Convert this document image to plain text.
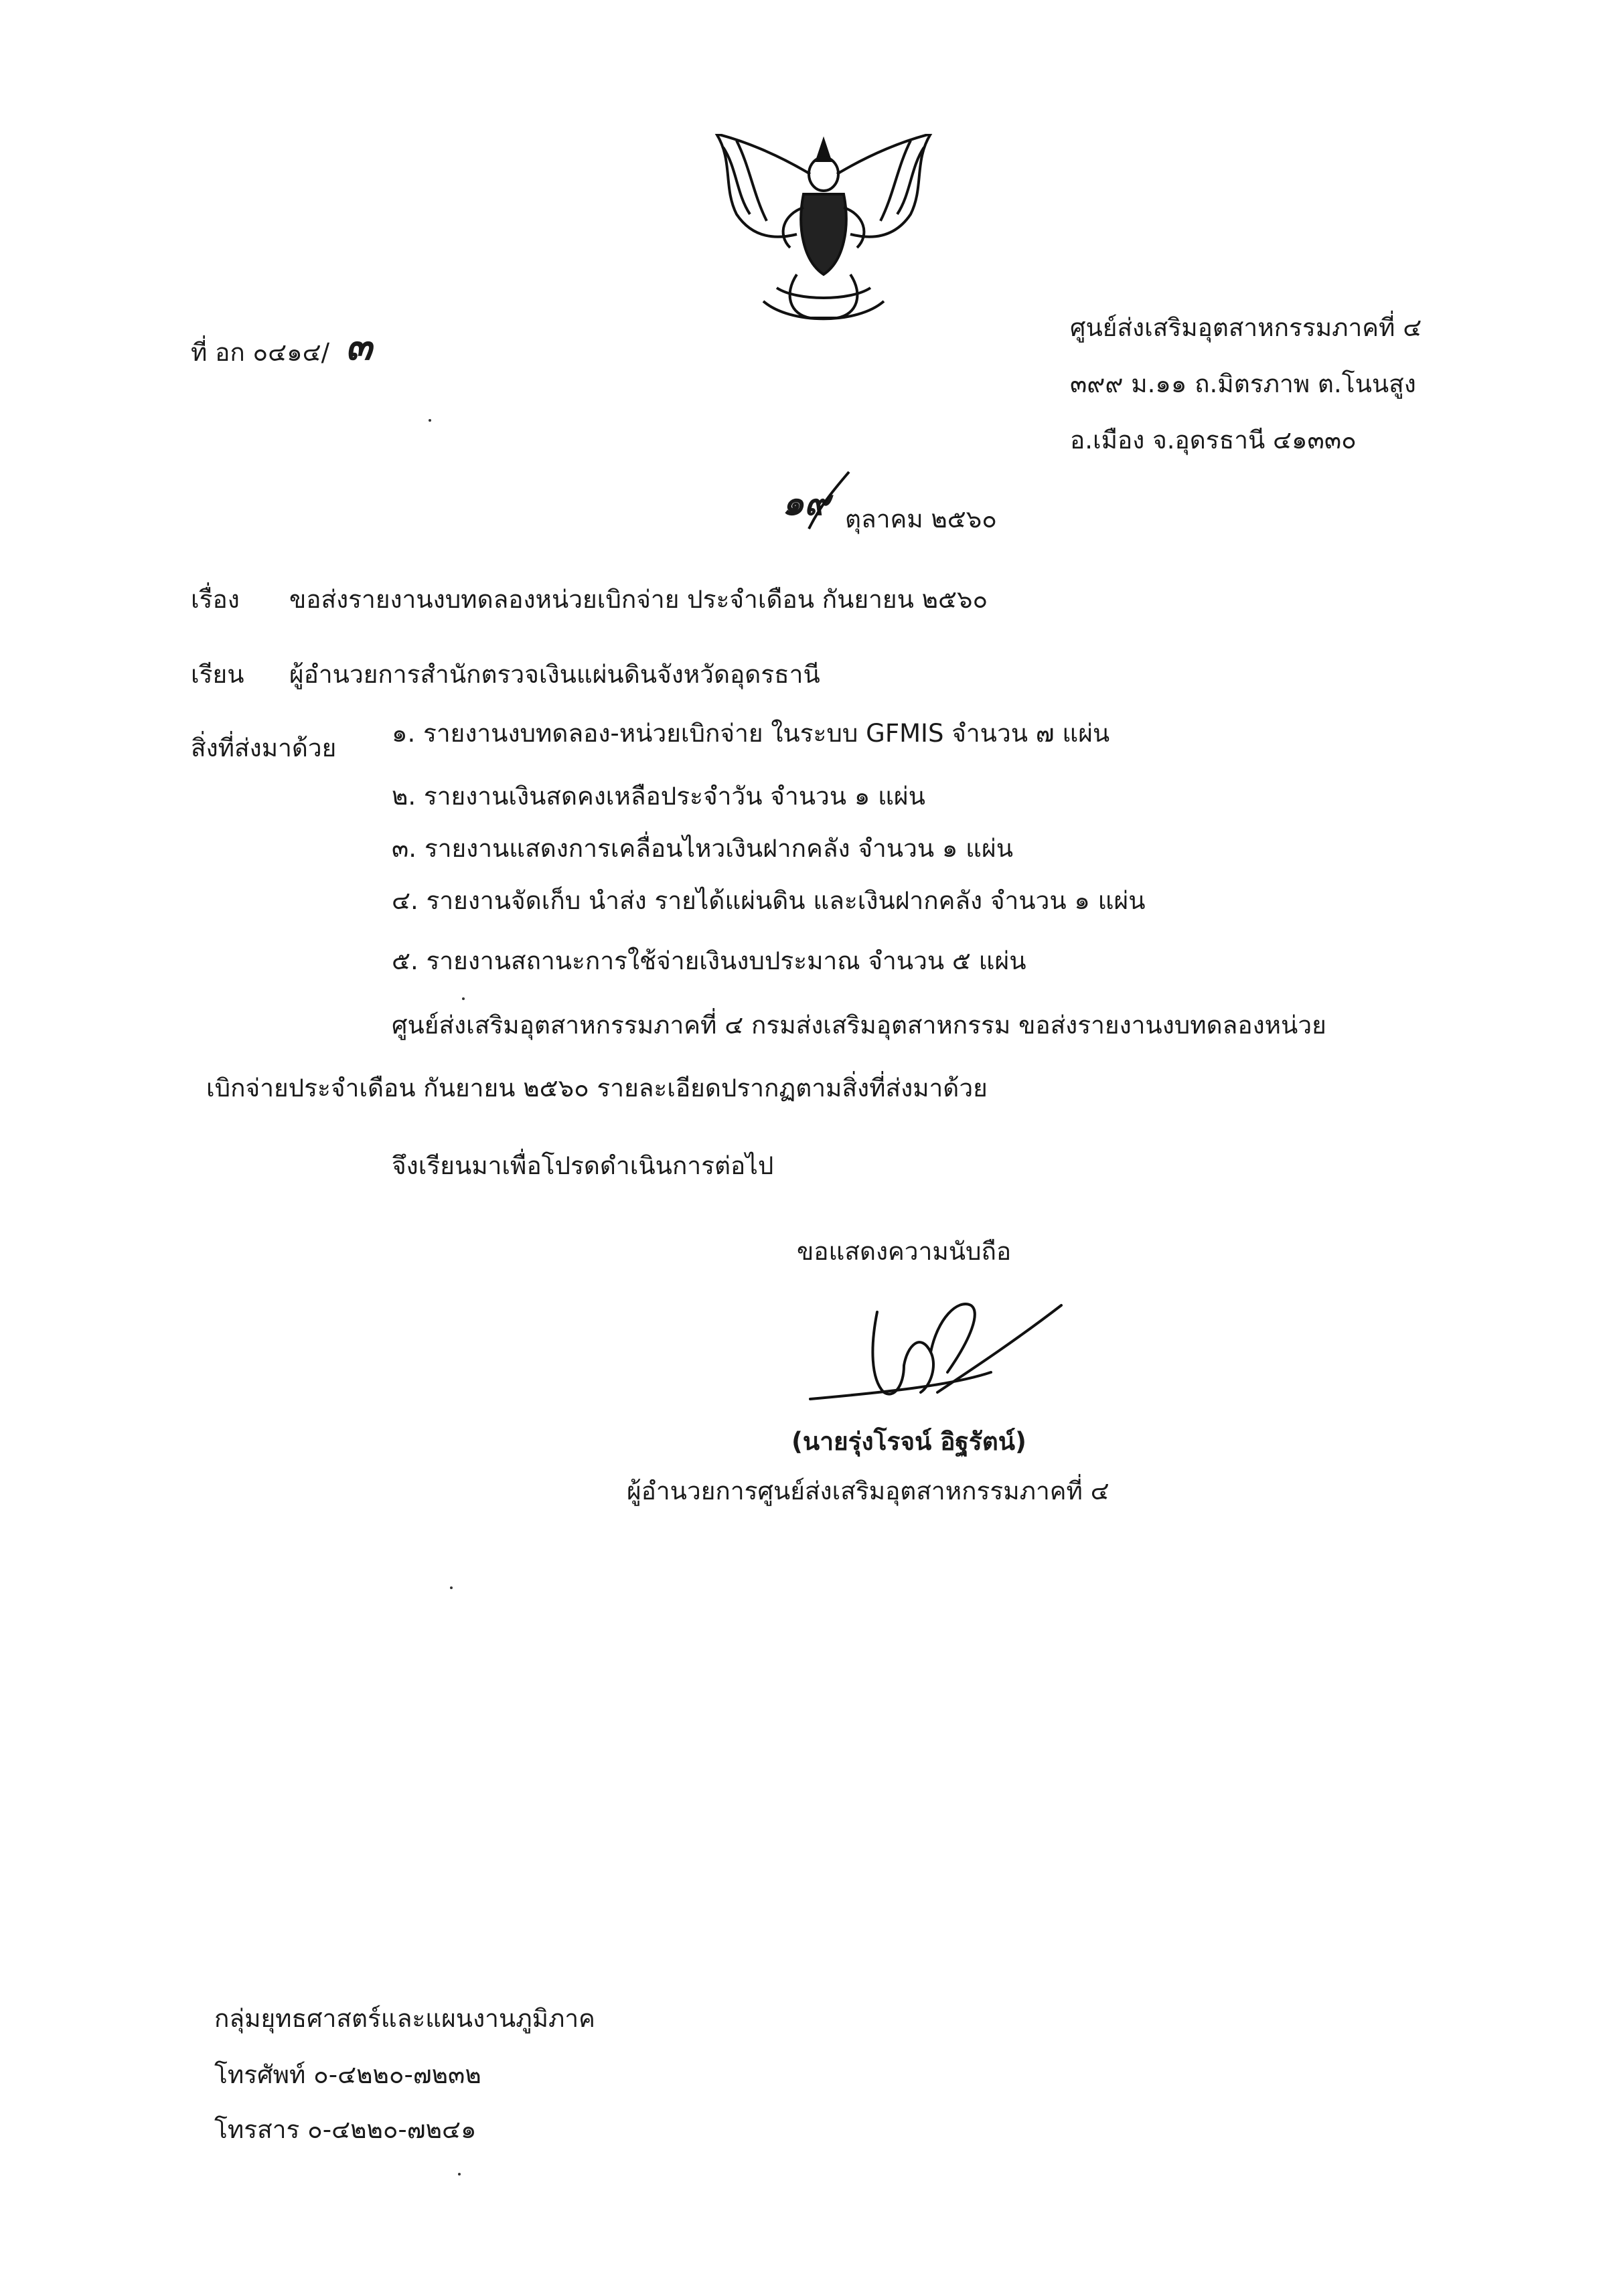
ที่ อก ๐๔๑๔/ ๓	ศูนย์ส่งเสริมอุตสาหกรรมภาคที่ ๔
๓๙๙ ม.๑๑ ถ.มิตรภาพ ต.โนนสูง
อ.เมือง จ.อุดรธานี ๔๑๓๓๐
๑๙ ตุลาคม ๒๕๖๐
เรื่อง ขอส่งรายงานงบทดลองหน่วยเบิกจ่าย ประจำเดือน กันยายน ๒๕๖๐
เรียน ผู้อำนวยการสำนักตรวจเงินแผ่นดินจังหวัดอุดรธานี
สิ่งที่ส่งมาด้วย
๑. รายงานงบทดลอง-หน่วยเบิกจ่าย ในระบบ GFMIS จำนวน ๗ แผ่น
๒. รายงานเงินสดคงเหลือประจำวัน จำนวน ๑ แผ่น
๓. รายงานแสดงการเคลื่อนไหวเงินฝากคลัง จำนวน ๑ แผ่น
๔. รายงานจัดเก็บ นำส่ง รายได้แผ่นดิน และเงินฝากคลัง จำนวน ๑ แผ่น
๕. รายงานสถานะการใช้จ่ายเงินงบประมาณ จำนวน ๕ แผ่น
ศูนย์ส่งเสริมอุตสาหกรรมภาคที่ ๔ กรมส่งเสริมอุตสาหกรรม ขอส่งรายงานงบทดลองหน่วย
เบิกจ่ายประจำเดือน กันยายน ๒๕๖๐ รายละเอียดปรากฏตามสิ่งที่ส่งมาด้วย
จึงเรียนมาเพื่อโปรดดำเนินการต่อไป
ขอแสดงความนับถือ
(นายรุ่งโรจน์ อิฐรัตน์)
ผู้อำนวยการศูนย์ส่งเสริมอุตสาหกรรมภาคที่ ๔
กลุ่มยุทธศาสตร์และแผนงานภูมิภาค
โทรศัพท์ ๐-๔๒๒๐-๗๒๓๒
โทรสาร ๐-๔๒๒๐-๗๒๔๑
